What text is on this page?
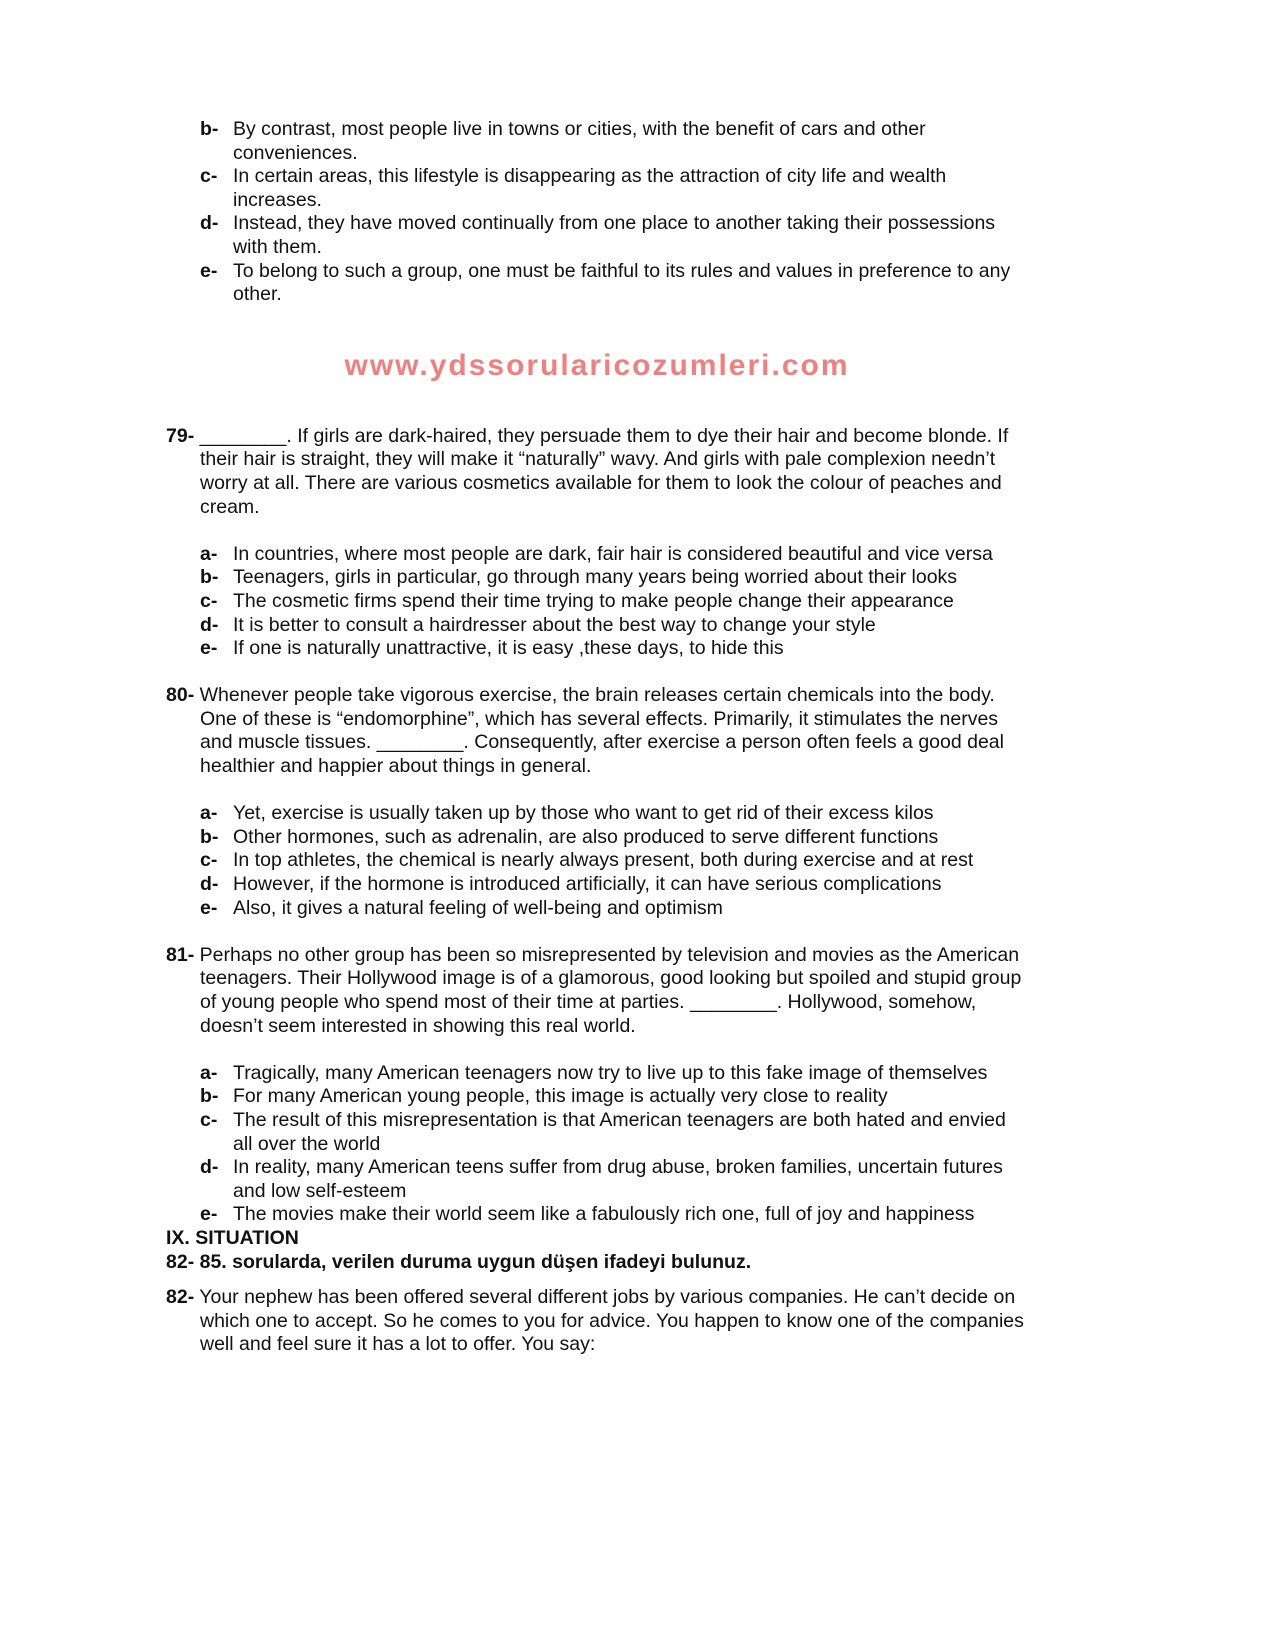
b- By contrast, most people live in towns or cities, with the benefit of cars and other conveniences.
c- In certain areas, this lifestyle is disappearing as the attraction of city life and wealth increases.
d- Instead, they have moved continually from one place to another taking their possessions with them.
e- To belong to such a group, one must be faithful to its rules and values in preference to any other.
www.ydssorularicozumleri.com
79- ________. If girls are dark-haired, they persuade them to dye their hair and become blonde. If their hair is straight, they will make it “naturally” wavy. And girls with pale complexion needn’t worry at all. There are various cosmetics available for them to look the colour of peaches and cream.
a- In countries, where most people are dark, fair hair is considered beautiful and vice versa
b- Teenagers, girls in particular, go through many years being worried about their looks
c- The cosmetic firms spend their time trying to make people change their appearance
d- It is better to consult a hairdresser about the best way to change your style
e- If one is naturally unattractive, it is easy ,these days, to hide this
80- Whenever people take vigorous exercise, the brain releases certain chemicals into the body. One of these is “endomorphine”, which has several effects. Primarily, it stimulates the nerves and muscle tissues. ________. Consequently, after exercise a person often feels a good deal healthier and happier about things in general.
a- Yet, exercise is usually taken up by those who want to get rid of their excess kilos
b- Other hormones, such as adrenalin, are also produced to serve different functions
c- In top athletes, the chemical is nearly always present, both during exercise and at rest
d- However, if the hormone is introduced artificially, it can have serious complications
e- Also, it gives a natural feeling of well-being and optimism
81- Perhaps no other group has been so misrepresented by television and movies as the American teenagers. Their Hollywood image is of a glamorous, good looking but spoiled and stupid group of young people who spend most of their time at parties. ________. Hollywood, somehow, doesn’t seem interested in showing this real world.
a- Tragically, many American teenagers now try to live up to this fake image of themselves
b- For many American young people, this image is actually very close to reality
c- The result of this misrepresentation is that American teenagers are both hated and envied all over the world
d- In reality, many American teens suffer from drug abuse, broken families, uncertain futures and low self-esteem
e- The movies make their world seem like a fabulously rich one, full of joy and happiness
IX. SITUATION
82- 85. sorularda, verilen duruma uygun düşen ifadeyi bulunuz.
82- Your nephew has been offered several different jobs by various companies. He can’t decide on which one to accept. So he comes to you for advice. You happen to know one of the companies well and feel sure it has a lot to offer. You say:
